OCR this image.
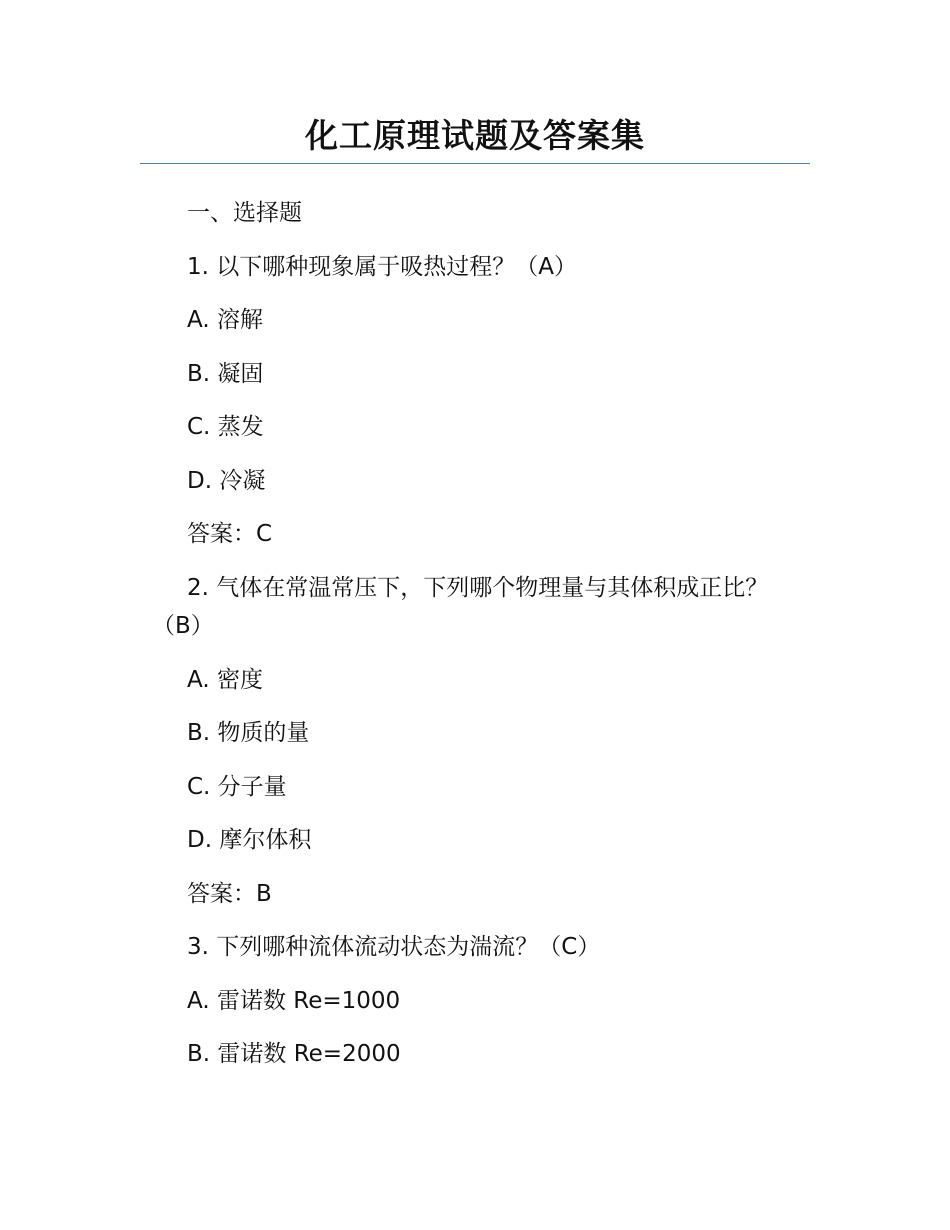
化工原理试题及答案集
一、选择题
1. 以下哪种现象属于吸热过程？（A）
A. 溶解
B. 凝固
C. 蒸发
D. 冷凝
答案：C
2. 气体在常温常压下，下列哪个物理量与其体积成正比？
（B）
A. 密度
B. 物质的量
C. 分子量
D. 摩尔体积
答案：B
3. 下列哪种流体流动状态为湍流？（C）
A. 雷诺数 Re=1000
B. 雷诺数 Re=2000
